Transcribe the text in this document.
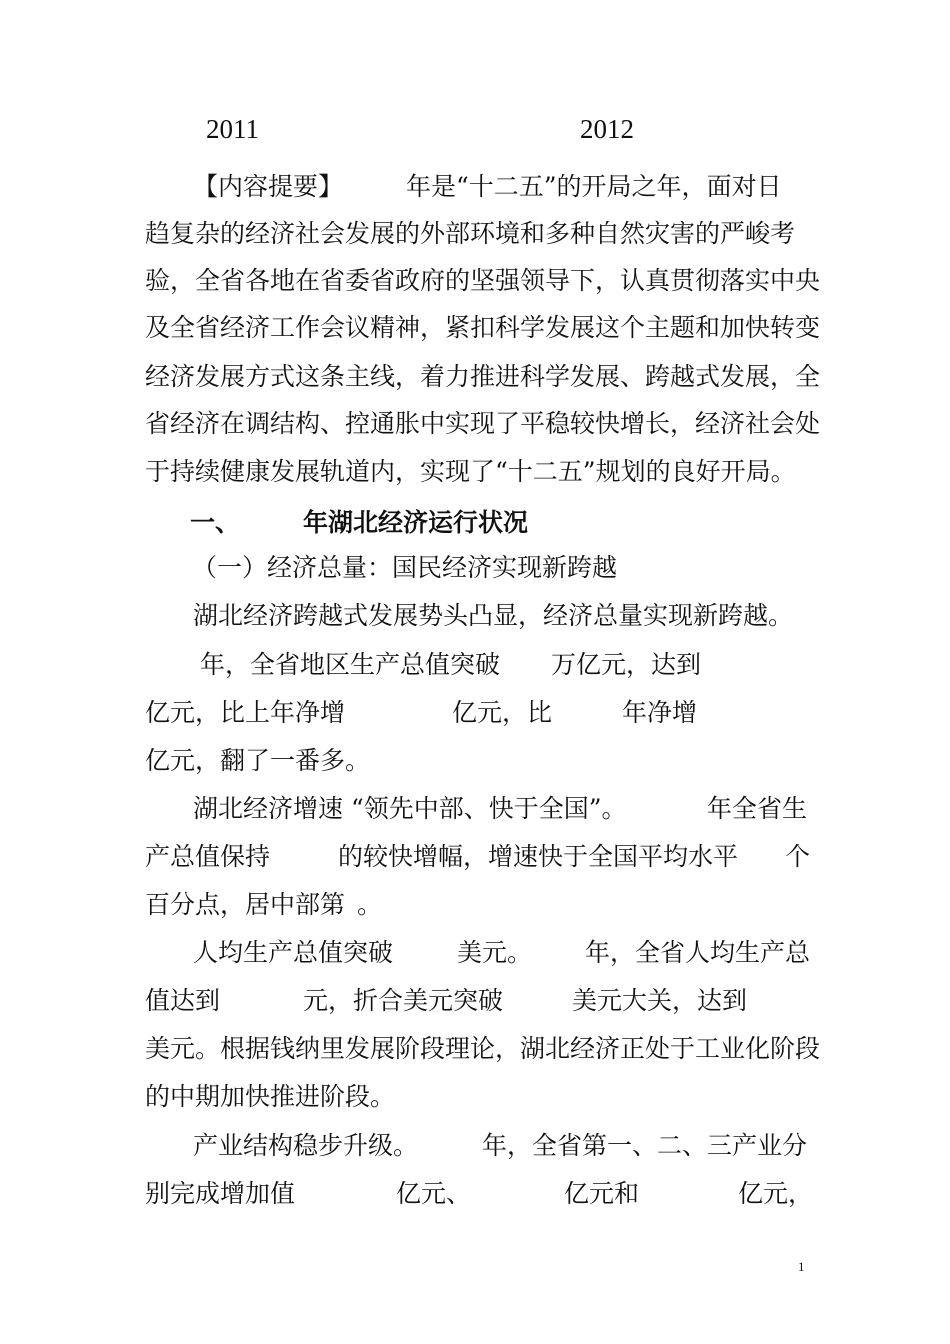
2011	2012
【内容提要】	年是“十二五”的开局之年，面对日
趋复杂的经济社会发展的外部环境和多种自然灾害的严峻考
验，全省各地在省委省政府的坚强领导下，认真贯彻落实中央
及全省经济工作会议精神，紧扣科学发展这个主题和加快转变
经济发展方式这条主线，着力推进科学发展、跨越式发展，全
省经济在调结构、控通胀中实现了平稳较快增长，经济社会处
于持续健康发展轨道内，实现了“十二五”规划的良好开局。
一、	年湖北经济运行状况
（一）经济总量：国民经济实现新跨越
湖北经济跨越式发展势头凸显，经济总量实现新跨越。
年，全省地区生产总值突破 万亿元，达到
亿元，比上年净增	亿元，比	年净增
亿元，翻了一番多。
湖北经济增速 “领先中部、快于全国”。	年全省生
产总值保持	的较快增幅，增速快于全国平均水平 个
百分点，居中部第 。
人均生产总值突破	美元。 年，全省人均生产总
值达到	元，折合美元突破	美元大关，达到
美元。根据钱纳里发展阶段理论，湖北经济正处于工业化阶段
的中期加快推进阶段。
产业结构稳步升级。	年，全省第一、二、三产业分
别完成增加值	亿元、	亿元和	亿元，
1
